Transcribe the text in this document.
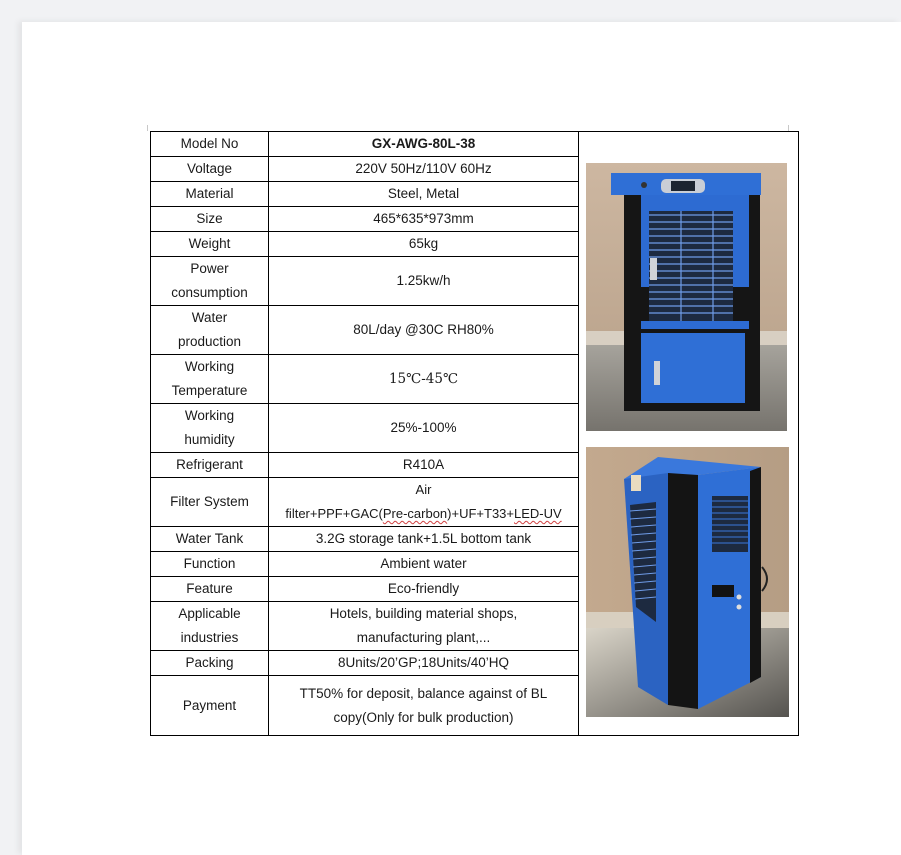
Model No	GX-AWG-80L-38	

Voltage	220V 50Hz/110V 60Hz	
Material	Steel, Metal	
Size	465*635*973mm	
Weight	65kg	
Power
consumption	1.25kw/h	
Water
production	80L/day @30C RH80%	
Working
Temperature	15℃-45℃	
Working
humidity	25%-100%	
Refrigerant	R410A	
Filter System	Air
filter+PPF+GAC(Pre-carbon)+UF+T33+LED-UV	
Water Tank	3.2G storage tank+1.5L bottom tank	
Function	Ambient water	
Feature	Eco-friendly	
Applicable
industries	Hotels, building material shops,
manufacturing plant,...	
Packing	8Units/20’GP;18Units/40’HQ	
Payment	TT50% for deposit, balance against of BL
copy(Only for bulk production)	
